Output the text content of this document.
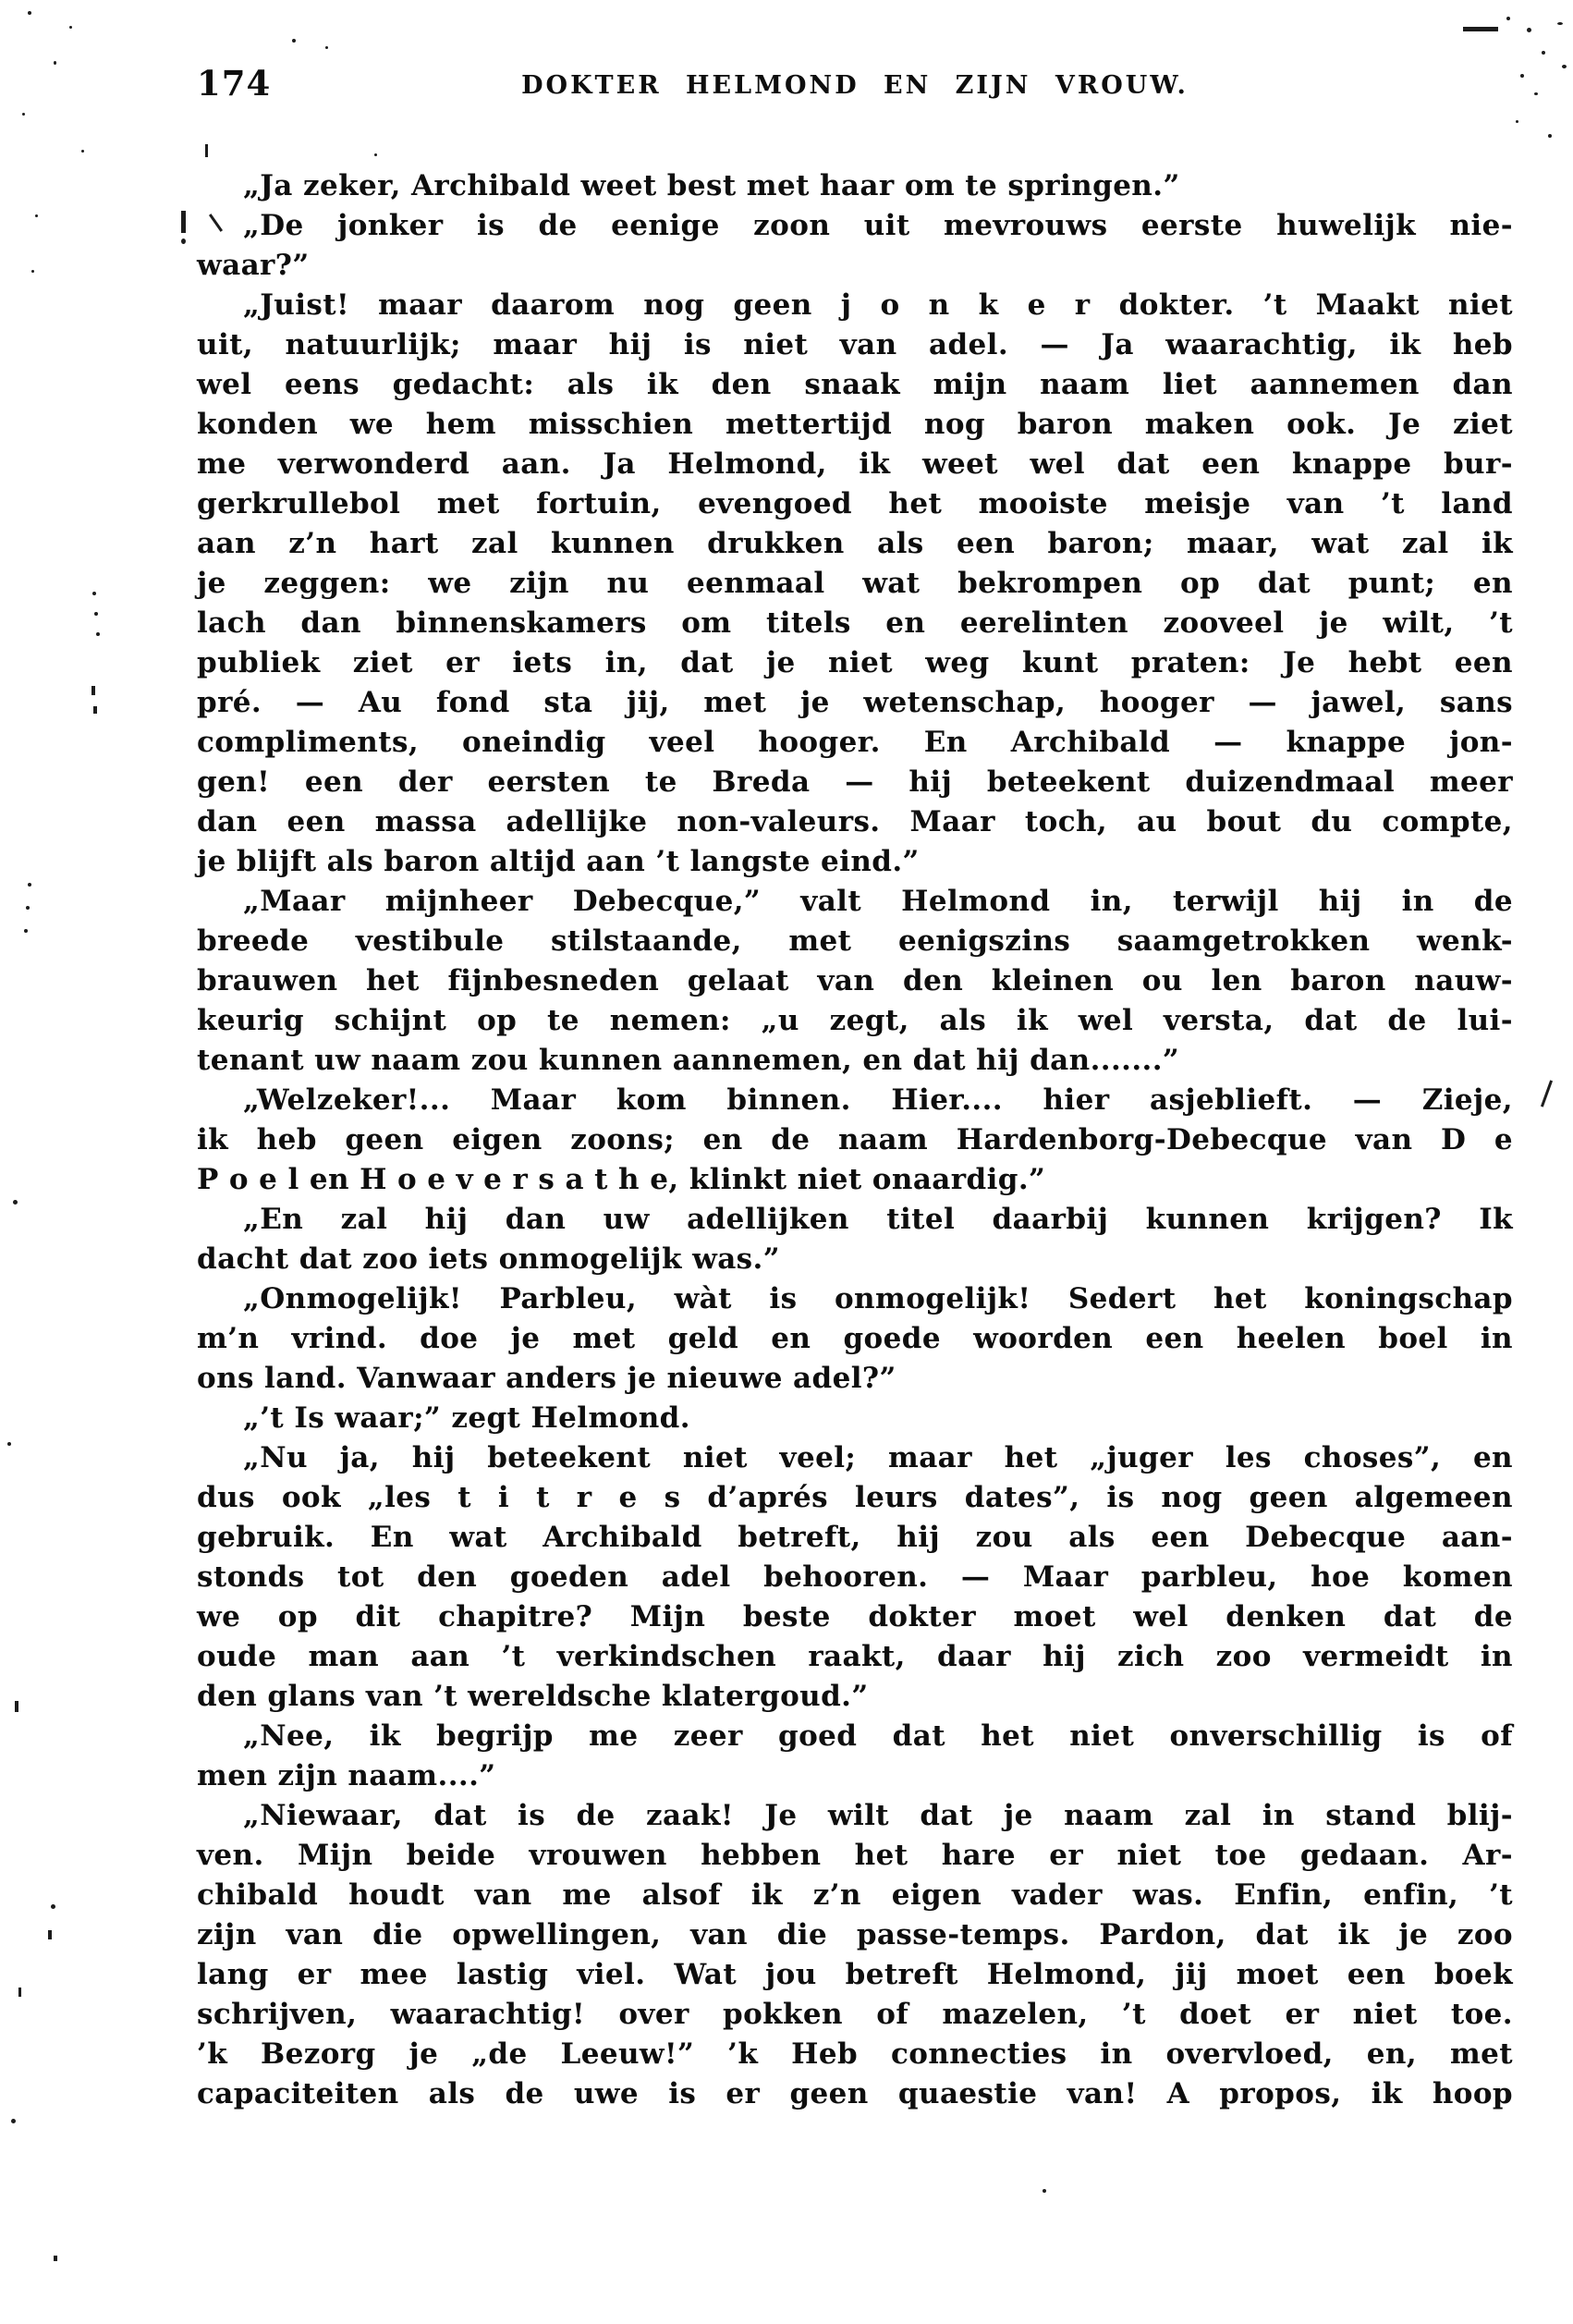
174	DOKTER HELMOND EN ZIJN VROUW.
„Ja zeker, Archibald weet best met haar om te springen.”
„De jonker is de eenige zoon uit mevrouws eerste huwelijk nie-
waar?”
„Juist! maar daarom nog geen j o n k e r dokter. ’t Maakt niet
uit, natuurlijk; maar hij is niet van adel. — Ja waarachtig, ik heb
wel eens gedacht: als ik den snaak mijn naam liet aannemen dan
konden we hem misschien mettertijd nog baron maken ook. Je ziet
me verwonderd aan. Ja Helmond, ik weet wel dat een knappe bur-
gerkrullebol met fortuin, evengoed het mooiste meisje van ’t land
aan z’n hart zal kunnen drukken als een baron; maar, wat zal ik
je zeggen: we zijn nu eenmaal wat bekrompen op dat punt; en
lach dan binnenskamers om titels en eerelinten zooveel je wilt, ’t
publiek ziet er iets in, dat je niet weg kunt praten: Je hebt een
pré. — Au fond sta jij, met je wetenschap, hooger — jawel, sans
compliments, oneindig veel hooger. En Archibald — knappe jon-
gen! een der eersten te Breda — hij beteekent duizendmaal meer
dan een massa adellijke non-valeurs. Maar toch, au bout du compte,
je blijft als baron altijd aan ’t langste eind.”
„Maar mijnheer Debecque,” valt Helmond in, terwijl hij in de
breede vestibule stilstaande, met eenigszins saamgetrokken wenk-
brauwen het fijnbesneden gelaat van den kleinen ou len baron nauw-
keurig schijnt op te nemen: „u zegt, als ik wel versta, dat de lui-
tenant uw naam zou kunnen aannemen, en dat hij dan.......”
„Welzeker!... Maar kom binnen. Hier.... hier asjeblieft. — Zieje,
ik heb geen eigen zoons; en de naam Hardenborg-Debecque van D e
P o e l en H o e v e r s a t h e, klinkt niet onaardig.”
„En zal hij dan uw adellijken titel daarbij kunnen krijgen? Ik
dacht dat zoo iets onmogelijk was.”
„Onmogelijk! Parbleu, wàt is onmogelijk! Sedert het koningschap
m’n vrind. doe je met geld en goede woorden een heelen boel in
ons land. Vanwaar anders je nieuwe adel?”
„’t Is waar;” zegt Helmond.
„Nu ja, hij beteekent niet veel; maar het „juger les choses”, en
dus ook „les t i t r e s d’aprés leurs dates”, is nog geen algemeen
gebruik. En wat Archibald betreft, hij zou als een Debecque aan-
stonds tot den goeden adel behooren. — Maar parbleu, hoe komen
we op dit chapitre? Mijn beste dokter moet wel denken dat de
oude man aan ’t verkindschen raakt, daar hij zich zoo vermeidt in
den glans van ’t wereldsche klatergoud.”
„Nee, ik begrijp me zeer goed dat het niet onverschillig is of
men zijn naam....”
„Niewaar, dat is de zaak! Je wilt dat je naam zal in stand blij-
ven. Mijn beide vrouwen hebben het hare er niet toe gedaan. Ar-
chibald houdt van me alsof ik z’n eigen vader was. Enfin, enfin, ’t
zijn van die opwellingen, van die passe-temps. Pardon, dat ik je zoo
lang er mee lastig viel. Wat jou betreft Helmond, jij moet een boek
schrijven, waarachtig! over pokken of mazelen, ’t doet er niet toe.
’k Bezorg je „de Leeuw!” ’k Heb connecties in overvloed, en, met
capaciteiten als de uwe is er geen quaestie van! A propos, ik hoop
